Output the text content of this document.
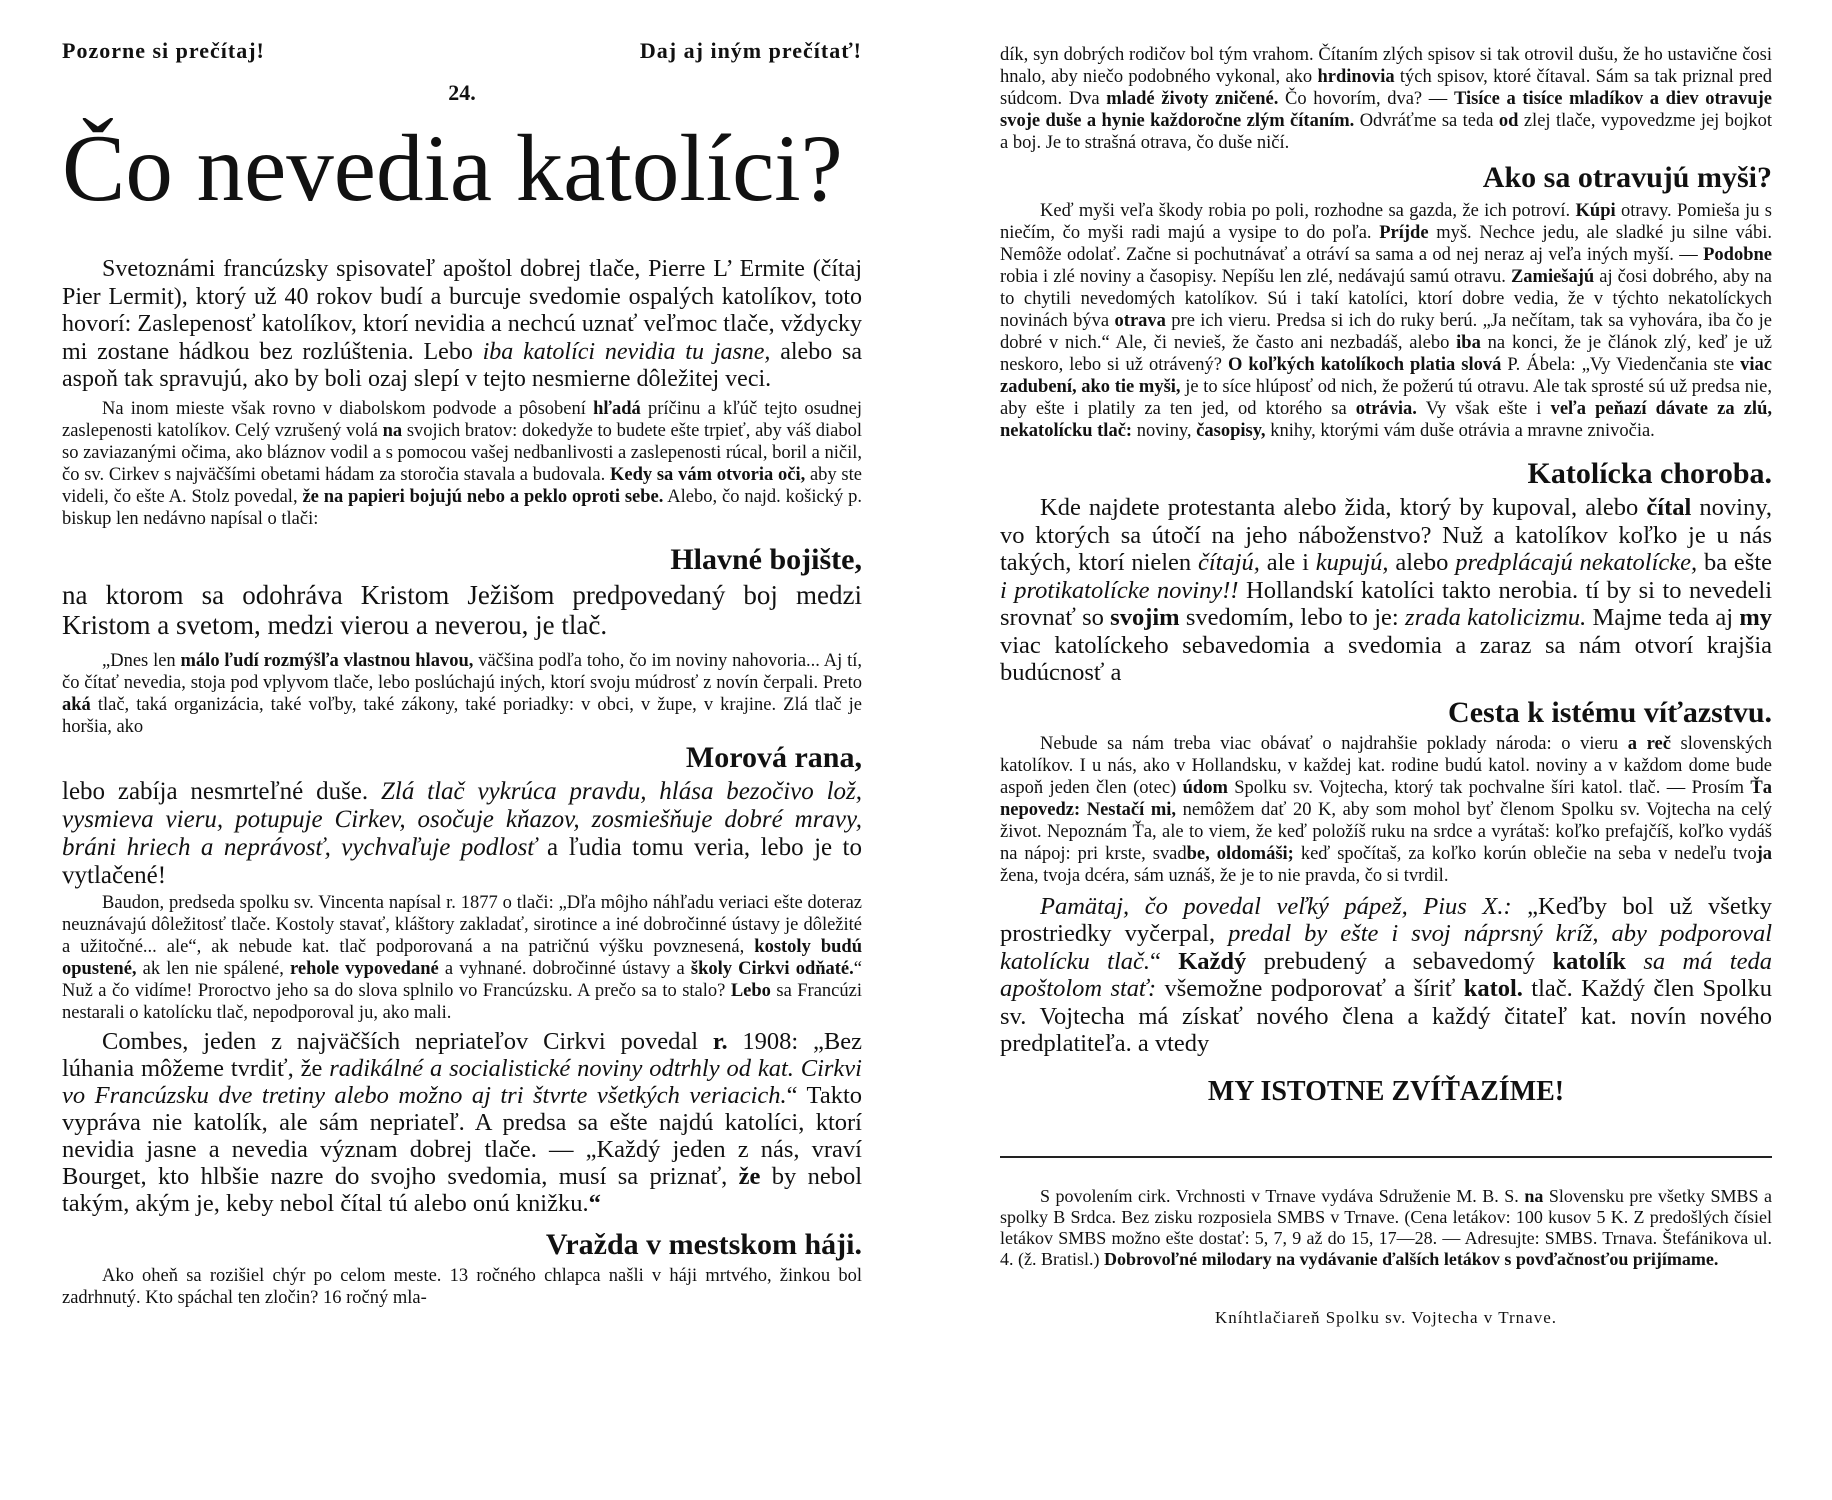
Pozorne si prečítaj!	Daj aj iným prečítať!
24.
Čo nevedia katolíci?

Svetoznámi francúzsky spisovateľ apoštol dobrej tlače, Pierre L’ Ermite (čítaj Pier Lermit), ktorý už 40 rokov budí a burcuje svedomie ospalých katolíkov, toto hovorí: Zaslepenosť katolíkov, ktorí nevidia a nechcú uznať veľmoc tlače, vždycky mi zostane hádkou bez rozlúštenia. Lebo iba katolíci nevidia tu jasne, alebo sa aspoň tak spravujú, ako by boli ozaj slepí v tejto nesmierne dôležitej veci.

Na inom mieste však rovno v diabolskom podvode a pôsobení hľadá príčinu a kľúč tejto osudnej zaslepenosti katolíkov. Celý vzrušený volá na svojich bratov: dokedyže to budete ešte trpieť, aby váš diabol so zaviazanými očima, ako bláznov vodil a s pomocou vašej nedbanlivosti a zaslepenosti rúcal, boril a ničil, čo sv. Cirkev s najväčšími obetami hádam za storočia stavala a budovala. Kedy sa vám otvoria oči, aby ste videli, čo ešte A. Stolz povedal, že na papieri bojujú nebo a peklo oproti sebe. Alebo, čo najd. košický p. biskup len nedávno napísal o tlači:

Hlavné bojište,

na ktorom sa odohráva Kristom Ježišom predpovedaný boj medzi Kristom a svetom, medzi vierou a neverou, je tlač.

„Dnes len málo ľudí rozmýšľa vlastnou hlavou, väčšina podľa toho, čo im noviny nahovoria... Aj tí, čo čítať nevedia, stoja pod vplyvom tlače, lebo poslúchajú iných, ktorí svoju múdrosť z novín čerpali. Preto aká tlač, taká organizácia, také voľby, také zákony, také poriadky: v obci, v župe, v krajine. Zlá tlač je horšia, ako

Morová rana,

lebo zabíja nesmrteľné duše. Zlá tlač vykrúca pravdu, hlása bezočivo lož, vysmieva vieru, potupuje Cirkev, osočuje kňazov, zosmiešňuje dobré mravy, bráni hriech a neprávosť, vychvaľuje podlosť a ľudia tomu veria, lebo je to vytlačené!

Baudon, predseda spolku sv. Vincenta napísal r. 1877 o tlači: „Dľa môjho náhľadu veriaci ešte doteraz neuznávajú dôležitosť tlače. Kostoly stavať, kláštory zakladať, sirotince a iné dobročinné ústavy je dôležité a užitočné... ale“, ak nebude kat. tlač podporovaná a na patričnú výšku povznesená, kostoly budú opustené, ak len nie spálené, rehole vypovedané a vyhnané. dobročinné ústavy a školy Cirkvi odňaté.“ Nuž a čo vidíme! Proroctvo jeho sa do slova splnilo vo Francúzsku. A prečo sa to stalo? Lebo sa Francúzi nestarali o katolícku tlač, nepodporoval ju, ako mali.

Combes, jeden z najväčších nepriateľov Cirkvi povedal r. 1908: „Bez lúhania môžeme tvrdiť, že radikálné a socialistické noviny odtrhly od kat. Cirkvi vo Francúzsku dve tretiny alebo možno aj tri štvrte všetkých veriacich.“ Takto vypráva nie katolík, ale sám nepriateľ. A predsa sa ešte najdú katolíci, ktorí nevidia jasne a nevedia význam dobrej tlače. — „Každý jeden z nás, vraví Bourget, kto hlbšie nazre do svojho svedomia, musí sa priznať, že by nebol takým, akým je, keby nebol čítal tú alebo onú knižku.“

Vražda v mestskom háji.

Ako oheň sa rozišiel chýr po celom meste. 13 ročného chlapca našli v háji mrtvého, žinkou bol zadrhnutý. Kto spáchal ten zločin? 16 ročný mla-

dík, syn dobrých rodičov bol tým vrahom. Čítaním zlých spisov si tak otrovil dušu, že ho ustavične čosi hnalo, aby niečo podobného vykonal, ako hrdinovia tých spisov, ktoré čítaval. Sám sa tak priznal pred súdcom. Dva mladé životy zničené. Čo hovorím, dva? — Tisíce a tisíce mladíkov a diev otravuje svoje duše a hynie každoročne zlým čítaním. Odvráťme sa teda od zlej tlače, vypovedzme jej bojkot a boj. Je to strašná otrava, čo duše ničí.

Ako sa otravujú myši?

Keď myši veľa škody robia po poli, rozhodne sa gazda, že ich potroví. Kúpi otravy. Pomieša ju s niečím, čo myši radi majú a vysipe to do poľa. Príjde myš. Nechce jedu, ale sladké ju silne vábi. Nemôže odolať. Začne si pochutnávať a otráví sa sama a od nej neraz aj veľa iných myší. — Podobne robia i zlé noviny a časopisy. Nepíšu len zlé, nedávajú samú otravu. Zamiešajú aj čosi dobrého, aby na to chytili nevedomých katolíkov. Sú i takí katolíci, ktorí dobre vedia, že v týchto nekatolíckych novinách býva otrava pre ich vieru. Predsa si ich do ruky berú. „Ja nečítam, tak sa vyhovára, iba čo je dobré v nich.“ Ale, či nevieš, že často ani nezbadáš, alebo iba na konci, že je článok zlý, keď je už neskoro, lebo si už otrávený? O koľkých katolíkoch platia slová P. Ábela: „Vy Viedenčania ste viac zadubení, ako tie myši, je to síce hlúposť od nich, že požerú tú otravu. Ale tak sprosté sú už predsa nie, aby ešte i platily za ten jed, od ktorého sa otrávia. Vy však ešte i veľa peňazí dávate za zlú, nekatolícku tlač: noviny, časopisy, knihy, ktorými vám duše otrávia a mravne znivočia.

Katolícka choroba.

Kde najdete protestanta alebo žida, ktorý by kupoval, alebo čítal noviny, vo ktorých sa útočí na jeho náboženstvo? Nuž a katolíkov koľko je u nás takých, ktorí nielen čítajú, ale i kupujú, alebo predplácajú nekatolícke, ba ešte i protikatolícke noviny!! Hollandskí katolíci takto nerobia. tí by si to nevedeli srovnať so svojim svedomím, lebo to je: zrada katolicizmu. Majme teda aj my viac katolíckeho sebavedomia a svedomia a zaraz sa nám otvorí krajšia budúcnosť a

Cesta k istému víťazstvu.

Nebude sa nám treba viac obávať o najdrahšie poklady národa: o vieru a reč slovenských katolíkov. I u nás, ako v Hollandsku, v každej kat. rodine budú katol. noviny a v každom dome bude aspoň jeden člen (otec) údom Spolku sv. Vojtecha, ktorý tak pochvalne šíri katol. tlač. — Prosím Ťa nepovedz: Nestačí mi, nemôžem dať 20 K, aby som mohol byť členom Spolku sv. Vojtecha na celý život. Nepoznám Ťa, ale to viem, že keď položíš ruku na srdce a vyrátaš: koľko prefajčíš, koľko vydáš na nápoj: pri krste, svadbe, oldomáši; keď spočítaš, za koľko korún oblečie na seba v nedeľu tvoja žena, tvoja dcéra, sám uznáš, že je to nie pravda, čo si tvrdil.

Pamätaj, čo povedal veľký pápež, Pius X.: „Keďby bol už všetky prostriedky vyčerpal, predal by ešte i svoj náprsný kríž, aby podporoval katolícku tlač.“ Každý prebudený a sebavedomý katolík sa má teda apoštolom stať: všemožne podporovať a šíriť katol. tlač. Každý člen Spolku sv. Vojtecha má získať nového člena a každý čitateľ kat. novín nového predplatiteľa. a vtedy

MY ISTOTNE ZVÍŤAZÍME!

S povolením cirk. Vrchnosti v Trnave vydáva Sdruženie M. B. S. na Slovensku pre všetky SMBS a spolky B Srdca. Bez zisku rozposiela SMBS v Trnave. (Cena letákov: 100 kusov 5 K. Z predošlých čísiel letákov SMBS možno ešte dostať: 5, 7, 9 až do 15, 17—28. — Adresujte: SMBS. Trnava. Štefánikova ul. 4. (ž. Bratisl.) Dobrovoľné milodary na vydávanie ďalších letákov s povďačnosťou prijímame.

Kníhtlačiareň Spolku sv. Vojtecha v Trnave.
